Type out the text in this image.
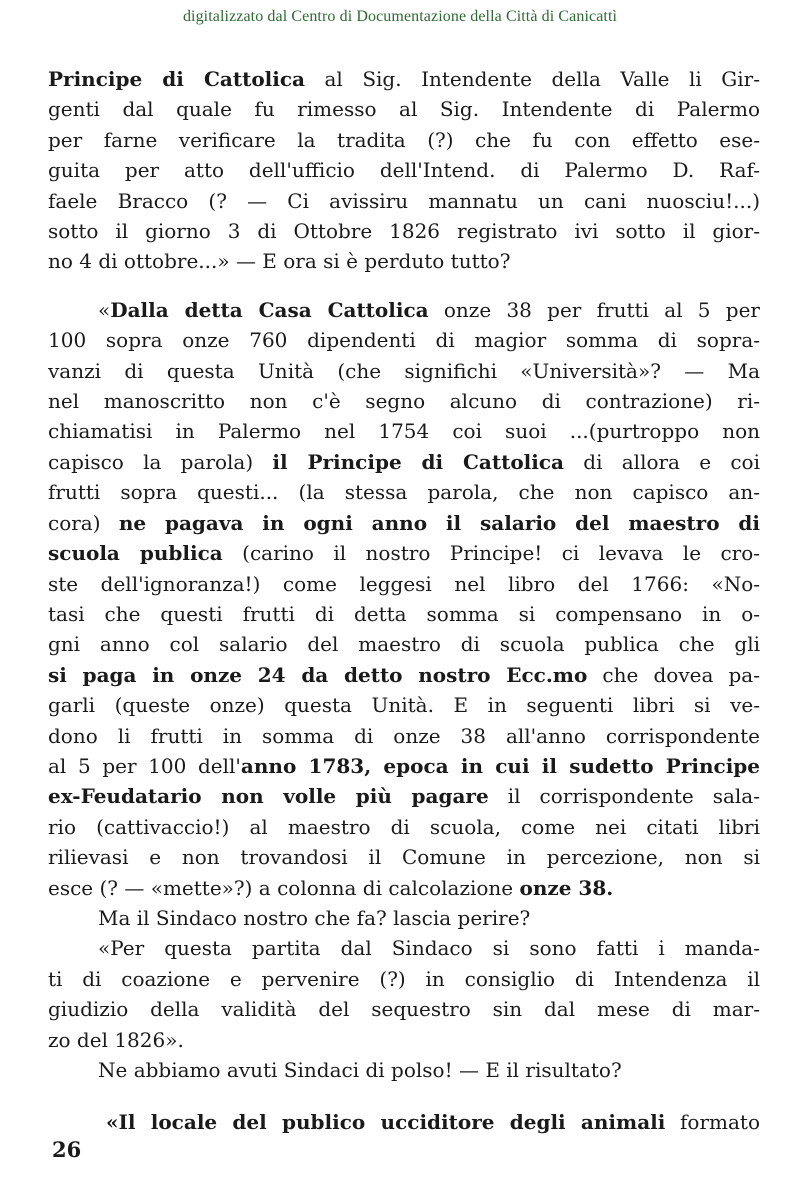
digitalizzato dal Centro di Documentazione della Città di Canicattì
Principe di Cattolica al Sig. Intendente della Valle li Gir-
genti dal quale fu rimesso al Sig. Intendente di Palermo
per farne verificare la tradita (?) che fu con effetto ese-
guita per atto dell'ufficio dell'Intend. di Palermo D. Raf-
faele Bracco (? — Ci avissiru mannatu un cani nuosciu!...)
sotto il giorno 3 di Ottobre 1826 registrato ivi sotto il gior-
no 4 di ottobre...» — E ora si è perduto tutto?
«Dalla detta Casa Cattolica onze 38 per frutti al 5 per
100 sopra onze 760 dipendenti di magior somma di sopra-
vanzi di questa Unità (che significhi «Università»? — Ma
nel manoscritto non c'è segno alcuno di contrazione) ri-
chiamatisi in Palermo nel 1754 coi suoi ...(purtroppo non
capisco la parola) il Principe di Cattolica di allora e coi
frutti sopra questi... (la stessa parola, che non capisco an-
cora) ne pagava in ogni anno il salario del maestro di
scuola publica (carino il nostro Principe! ci levava le cro-
ste dell'ignoranza!) come leggesi nel libro del 1766: «No-
tasi che questi frutti di detta somma si compensano in o-
gni anno col salario del maestro di scuola publica che gli
si paga in onze 24 da detto nostro Ecc.mo che dovea pa-
garli (queste onze) questa Unità. E in seguenti libri si ve-
dono li frutti in somma di onze 38 all'anno corrispondente
al 5 per 100 dell'anno 1783, epoca in cui il sudetto Principe
ex-Feudatario non volle più pagare il corrispondente sala-
rio (cattivaccio!) al maestro di scuola, come nei citati libri
rilievasi e non trovandosi il Comune in percezione, non si
esce (? — «mette»?) a colonna di calcolazione onze 38.
Ma il Sindaco nostro che fa? lascia perire?
«Per questa partita dal Sindaco si sono fatti i manda-
ti di coazione e pervenire (?) in consiglio di Intendenza il
giudizio della validità del sequestro sin dal mese di mar-
zo del 1826».
Ne abbiamo avuti Sindaci di polso! — E il risultato?
«Il locale del publico ucciditore degli animali formato
26
